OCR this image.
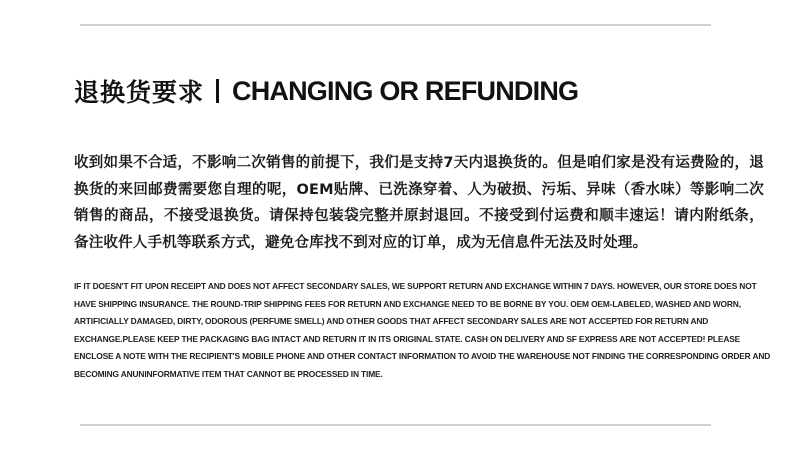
退换货要求 CHANGING OR REFUNDING
收到如果不合适，不影响二次销售的前提下，我们是支持7天内退换货的。但是咱们家是没有运费险的，退换货的来回邮费需要您自理的呢，OEM贴牌、已洗涤穿着、人为破损、污垢、异味（香水味）等影响二次销售的商品，不接受退换货。请保持包装袋完整并原封退回。不接受到付运费和顺丰速运！请内附纸条，备注收件人手机等联系方式，避免仓库找不到对应的订单，成为无信息件无法及时处理。
IF IT DOESN'T FIT UPON RECEIPT AND DOES NOT AFFECT SECONDARY SALES, WE SUPPORT RETURN AND EXCHANGE WITHIN 7 DAYS. HOWEVER, OUR STORE DOES NOT HAVE SHIPPING INSURANCE. THE ROUND-TRIP SHIPPING FEES FOR RETURN AND EXCHANGE NEED TO BE BORNE BY YOU. OEM OEM-LABELED, WASHED AND WORN, ARTIFICIALLY DAMAGED, DIRTY, ODOROUS (PERFUME SMELL) AND OTHER GOODS THAT AFFECT SECONDARY SALES ARE NOT ACCEPTED FOR RETURN AND EXCHANGE.PLEASE KEEP THE PACKAGING BAG INTACT AND RETURN IT IN ITS ORIGINAL STATE. CASH ON DELIVERY AND SF EXPRESS ARE NOT ACCEPTED! PLEASE ENCLOSE A NOTE WITH THE RECIPIENT'S MOBILE PHONE AND OTHER CONTACT INFORMATION TO AVOID THE WAREHOUSE NOT FINDING THE CORRESPONDING ORDER AND BECOMING ANUNINFORMATIVE ITEM THAT CANNOT BE PROCESSED IN TIME.
